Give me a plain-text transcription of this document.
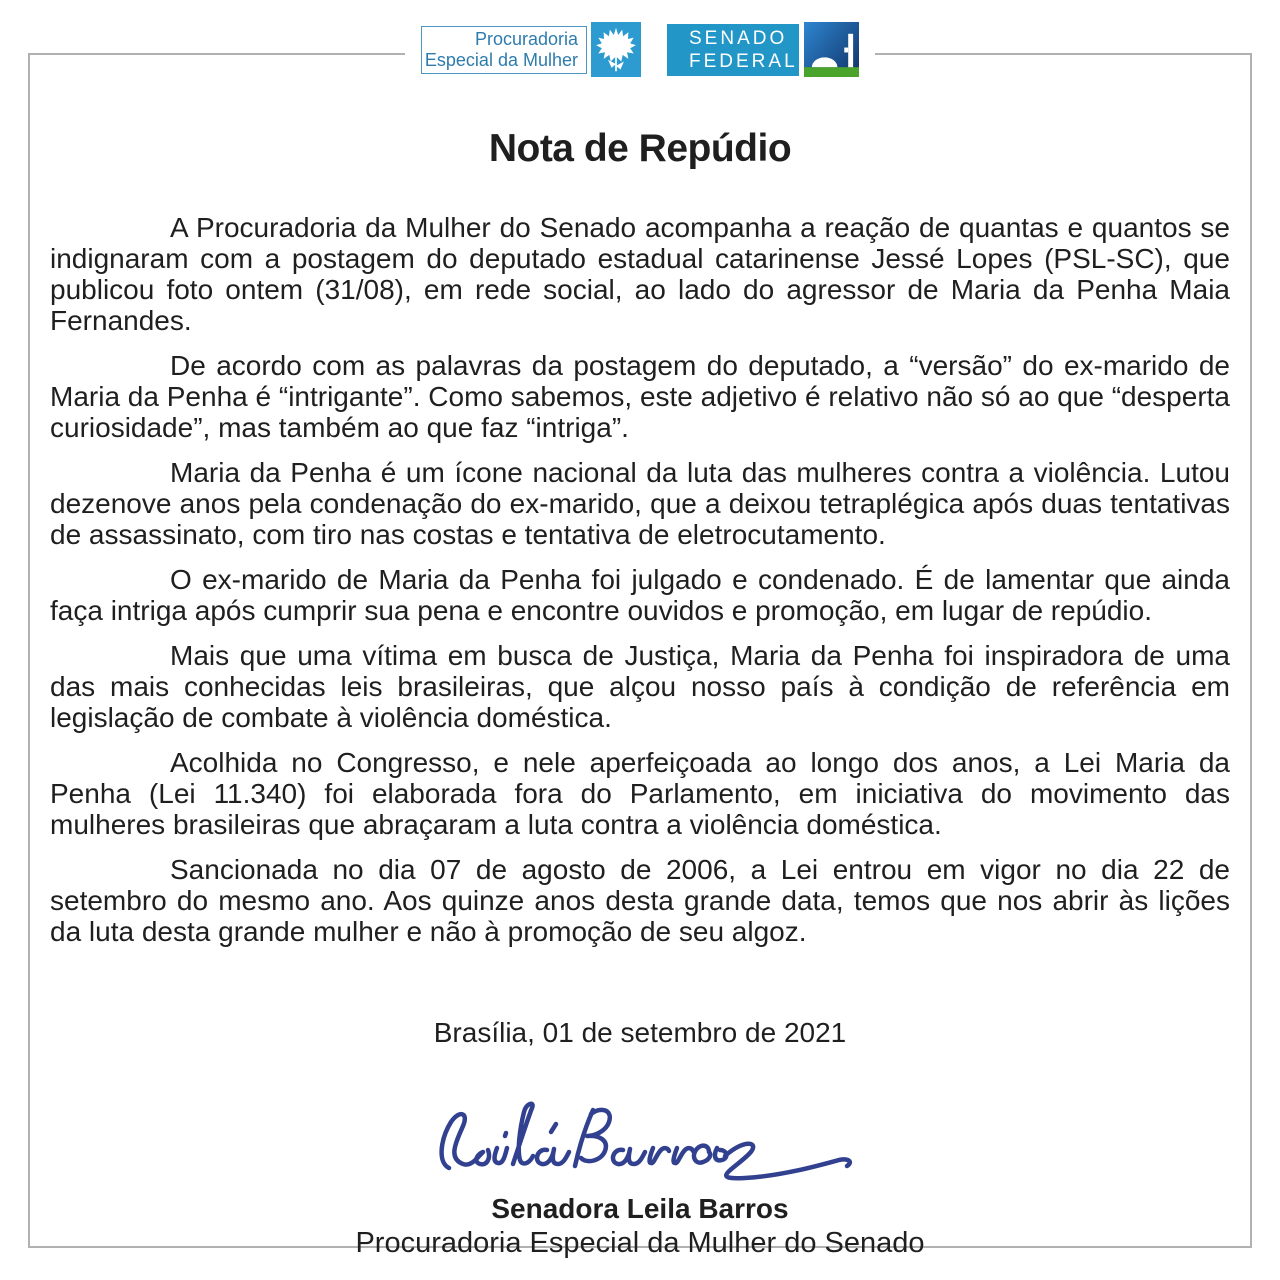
Procuradoria
Especial da Mulher
SENADO
FEDERAL
Nota de Repúdio

A Procuradoria da Mulher do Senado acompanha a reação de quantas e quantos se indignaram com a postagem do deputado estadual catarinense Jessé Lopes (PSL-SC), que publicou foto ontem (31/08), em rede social, ao lado do agressor de Maria da Penha Maia Fernandes.

De acordo com as palavras da postagem do deputado, a “versão” do ex-marido de Maria da Penha é “intrigante”. Como sabemos, este adjetivo é relativo não só ao que “desperta curiosidade”, mas também ao que faz “intriga”.

Maria da Penha é um ícone nacional da luta das mulheres contra a violência. Lutou dezenove anos pela condenação do ex-marido, que a deixou tetraplégica após duas tentativas de assassinato, com tiro nas costas e tentativa de eletrocutamento.

O ex-marido de Maria da Penha foi julgado e condenado. É de lamentar que ainda faça intriga após cumprir sua pena e encontre ouvidos e promoção, em lugar de repúdio.

Mais que uma vítima em busca de Justiça, Maria da Penha foi inspiradora de uma das mais conhecidas leis brasileiras, que alçou nosso país à condição de referência em legislação de combate à violência doméstica.

Acolhida no Congresso, e nele aperfeiçoada ao longo dos anos, a Lei Maria da Penha (Lei 11.340) foi elaborada fora do Parlamento, em iniciativa do movimento das mulheres brasileiras que abraçaram a luta contra a violência doméstica.

Sancionada no dia 07 de agosto de 2006, a Lei entrou em vigor no dia 22 de setembro do mesmo ano. Aos quinze anos desta grande data, temos que nos abrir às lições da luta desta grande mulher e não à promoção de seu algoz.

Brasília, 01 de setembro de 2021

Senadora Leila Barros

Procuradoria Especial da Mulher do Senado
